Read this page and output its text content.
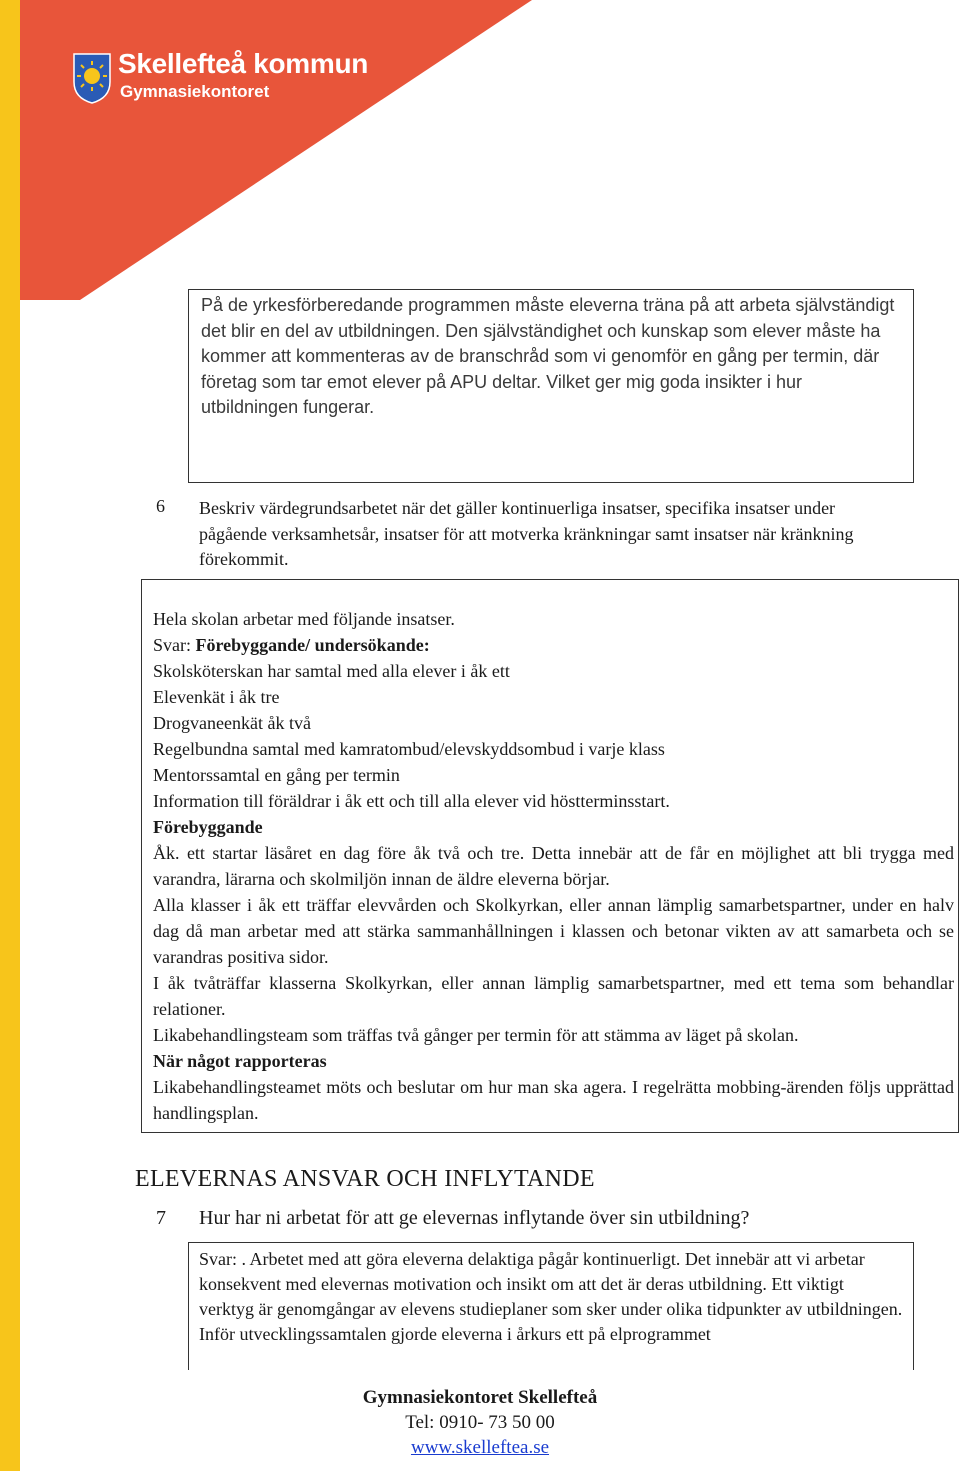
Skellefteå kommun
Gymnasiekontoret

På de yrkesförberedande programmen måste eleverna träna på att arbeta självständigt det blir en del av utbildningen. Den självständighet och kunskap som elever måste ha kommer att kommenteras av de branschråd som vi genomför en gång per termin, där företag som tar emot elever på APU deltar. Vilket ger mig goda insikter i hur utbildningen fungerar.

6 Beskriv värdegrundsarbetet när det gäller kontinuerliga insatser, specifika insatser under pågående verksamhetsår, insatser för att motverka kränkningar samt insatser när kränkning förekommit.

Hela skolan arbetar med följande insatser.

Svar: Förebyggande/ undersökande:

Skolsköterskan har samtal med alla elever i åk ett

Elevenkät i åk tre

Drogvaneenkät åk två

Regelbundna samtal med kamratombud/elevskyddsombud i varje klass

Mentorssamtal en gång per termin

Information till föräldrar i åk ett och till alla elever vid höstterminsstart.

Förebyggande

Åk. ett startar läsåret en dag före åk två och tre. Detta innebär att de får en möjlighet att bli trygga med varandra, lärarna och skolmiljön innan de äldre eleverna börjar.

Alla klasser i åk ett träffar elevvården och Skolkyrkan, eller annan lämplig samarbetspartner, under en halv dag då man arbetar med att stärka sammanhållningen i klassen och betonar vikten av att samarbeta och se varandras positiva sidor.

I åk tvåträffar klasserna Skolkyrkan, eller annan lämplig samarbetspartner, med ett tema som behandlar relationer.

Likabehandlingsteam som träffas två gånger per termin för att stämma av läget på skolan.

När något rapporteras

Likabehandlingsteamet möts och beslutar om hur man ska agera. I regelrätta mobbing-ärenden följs upprättad handlingsplan.

ELEVERNAS ANSVAR OCH INFLYTANDE
7 Hur har ni arbetat för att ge elevernas inflytande över sin utbildning?

Svar: . Arbetet med att göra eleverna delaktiga pågår kontinuerligt. Det innebär att vi arbetar konsekvent med elevernas motivation och insikt om att det är deras utbildning. Ett viktigt verktyg är genomgångar av elevens studieplaner som sker under olika tidpunkter av utbildningen. Inför utvecklingssamtalen gjorde eleverna i årkurs ett på elprogrammet

Gymnasiekontoret Skellefteå
Tel: 0910- 73 50 00
www.skelleftea.se
